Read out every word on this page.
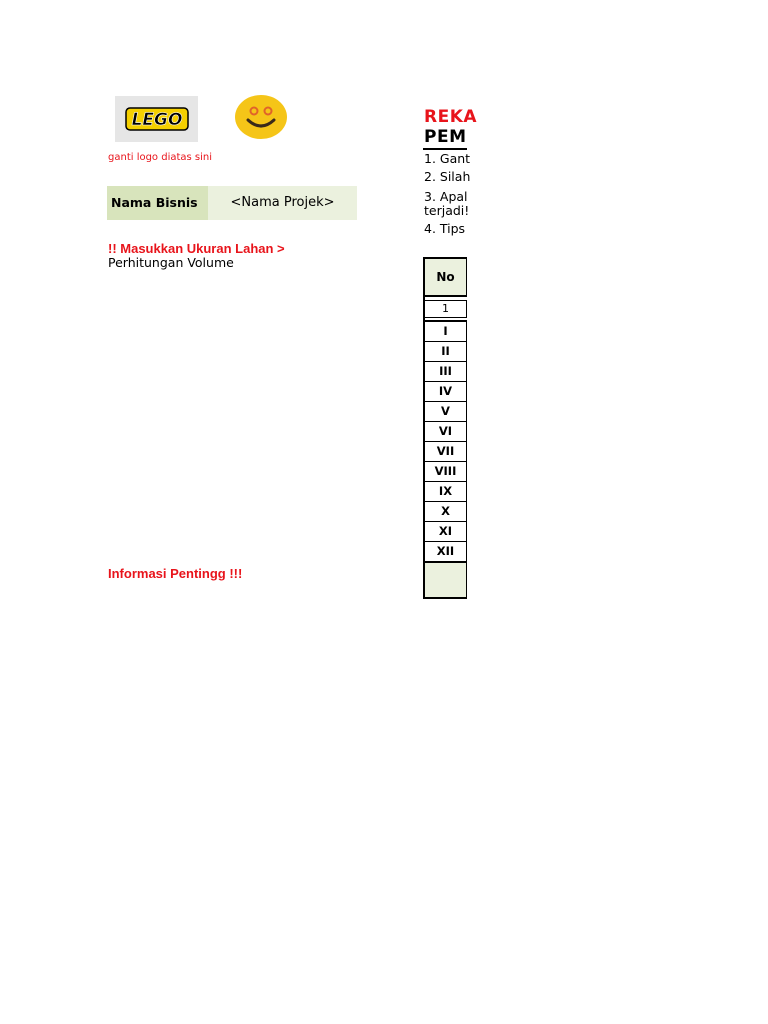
LEGO
ganti logo diatas sini
Nama Bisnis	<Nama Projek>
!! Masukkan Ukuran Lahan > Perhitungan Volume
Informasi Pentingg !!!
REKA
PEM
1. Gant
2. Silah
3. Apal
terjadi!
4. Tips
No
1
I
II
III
IV
V
VI
VII
VIII
IX
X
XI
XII
